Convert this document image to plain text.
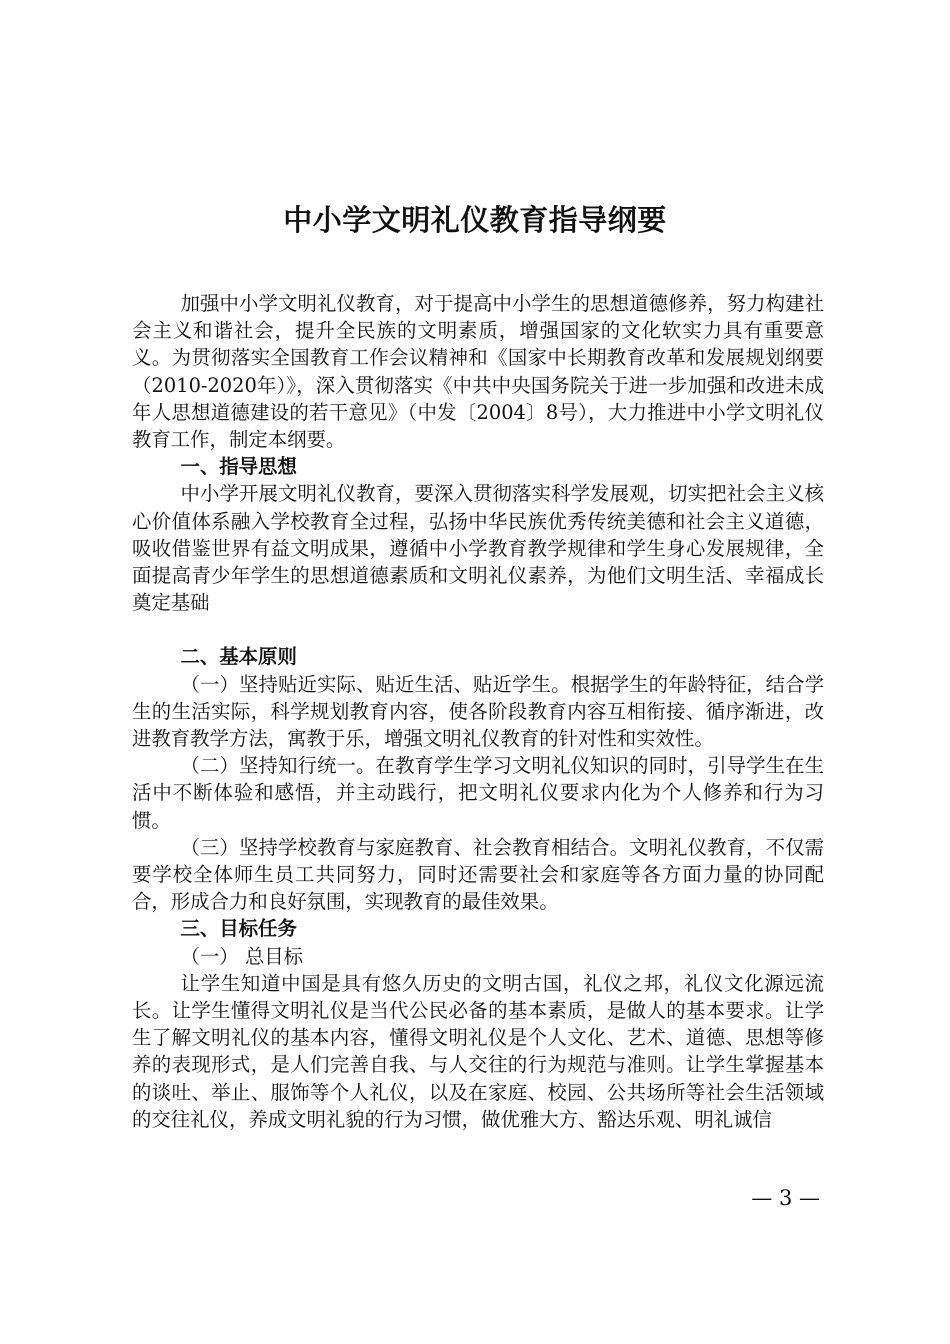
中小学文明礼仪教育指导纲要

加强中小学文明礼仪教育，对于提高中小学生的思想道德修养，努力构建社会主义和谐社会，提升全民族的文明素质，增强国家的文化软实力具有重要意义。为贯彻落实全国教育工作会议精神和《国家中长期教育改革和发展规划纲要（2010-2020年）》，深入贯彻落实《中共中央国务院关于进一步加强和改进未成年人思想道德建设的若干意见》（中发〔2004〕8号），大力推进中小学文明礼仪教育工作，制定本纲要。

一、指导思想

中小学开展文明礼仪教育，要深入贯彻落实科学发展观，切实把社会主义核心价值体系融入学校教育全过程，弘扬中华民族优秀传统美德和社会主义道德，吸收借鉴世界有益文明成果，遵循中小学教育教学规律和学生身心发展规律，全面提高青少年学生的思想道德素质和文明礼仪素养，为他们文明生活、幸福成长奠定基础

二、基本原则

（一）坚持贴近实际、贴近生活、贴近学生。根据学生的年龄特征，结合学生的生活实际，科学规划教育内容，使各阶段教育内容互相衔接、循序渐进，改进教育教学方法，寓教于乐，增强文明礼仪教育的针对性和实效性。

（二）坚持知行统一。在教育学生学习文明礼仪知识的同时，引导学生在生活中不断体验和感悟，并主动践行，把文明礼仪要求内化为个人修养和行为习惯。

（三）坚持学校教育与家庭教育、社会教育相结合。文明礼仪教育，不仅需要学校全体师生员工共同努力，同时还需要社会和家庭等各方面力量的协同配合，形成合力和良好氛围，实现教育的最佳效果。

三、目标任务

（一） 总目标

让学生知道中国是具有悠久历史的文明古国，礼仪之邦，礼仪文化源远流长。让学生懂得文明礼仪是当代公民必备的基本素质，是做人的基本要求。让学生了解文明礼仪的基本内容，懂得文明礼仪是个人文化、艺术、道德、思想等修养的表现形式，是人们完善自我、与人交往的行为规范与准则。让学生掌握基本的谈吐、举止、服饰等个人礼仪，以及在家庭、校园、公共场所等社会生活领域的交往礼仪，养成文明礼貌的行为习惯，做优雅大方、豁达乐观、明礼诚信

— 3 —
